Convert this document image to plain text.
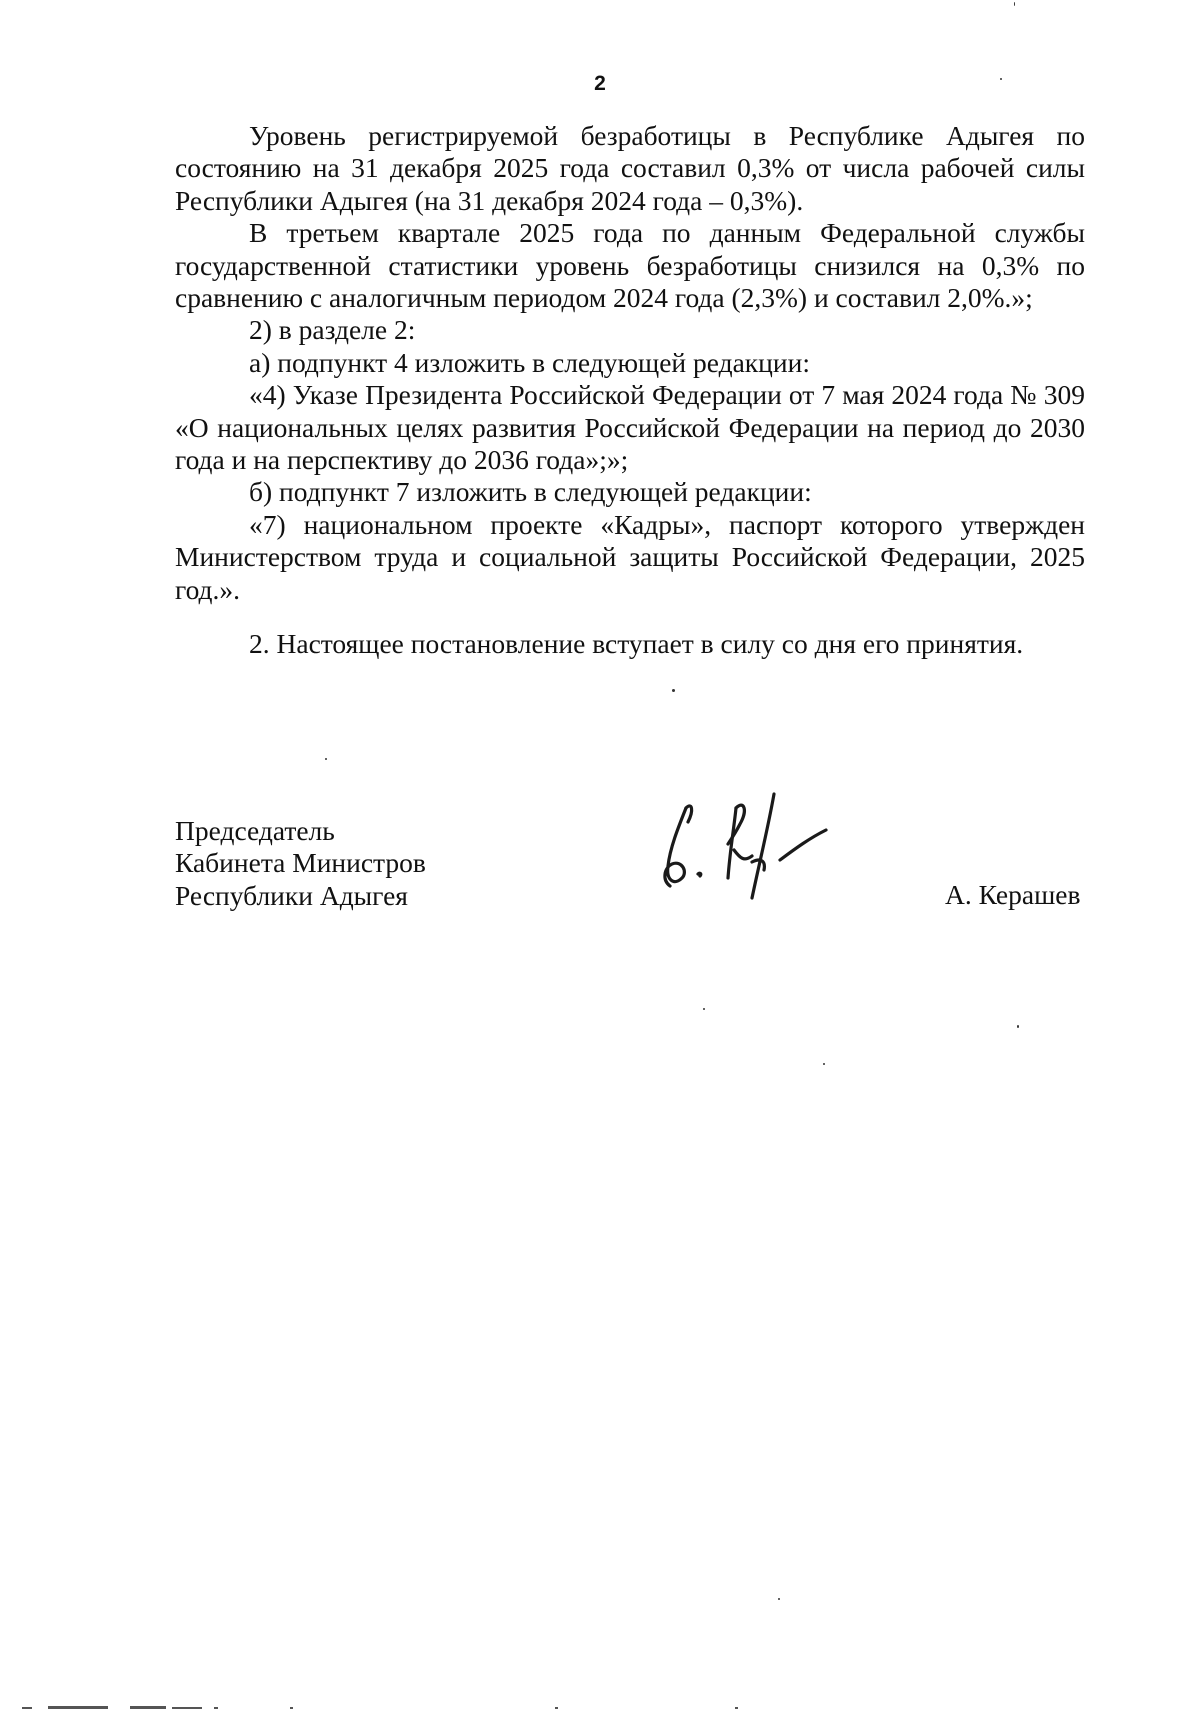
2

Уровень регистрируемой безработицы в Республике Адыгея по состоянию на 31 декабря 2025 года составил 0,3% от числа рабочей силы Республики Адыгея (на 31 декабря 2024 года – 0,3%).

В третьем квартале 2025 года по данным Федеральной службы государственной статистики уровень безработицы снизился на 0,3% по сравнению с аналогичным периодом 2024 года (2,3%) и составил 2,0%.»;

2) в разделе 2:

а) подпункт 4 изложить в следующей редакции:

«4) Указе Президента Российской Федерации от 7 мая 2024 года № 309 «О национальных целях развития Российской Федерации на период до 2030 года и на перспективу до 2036 года»;»;

б) подпункт 7 изложить в следующей редакции:

«7) национальном проекте «Кадры», паспорт которого утвержден Министерством труда и социальной защиты Российской Федерации, 2025 год.».

2. Настоящее постановление вступает в силу со дня его принятия.

Председатель
Кабинета Министров
Республики Адыгея	А. Керашев
